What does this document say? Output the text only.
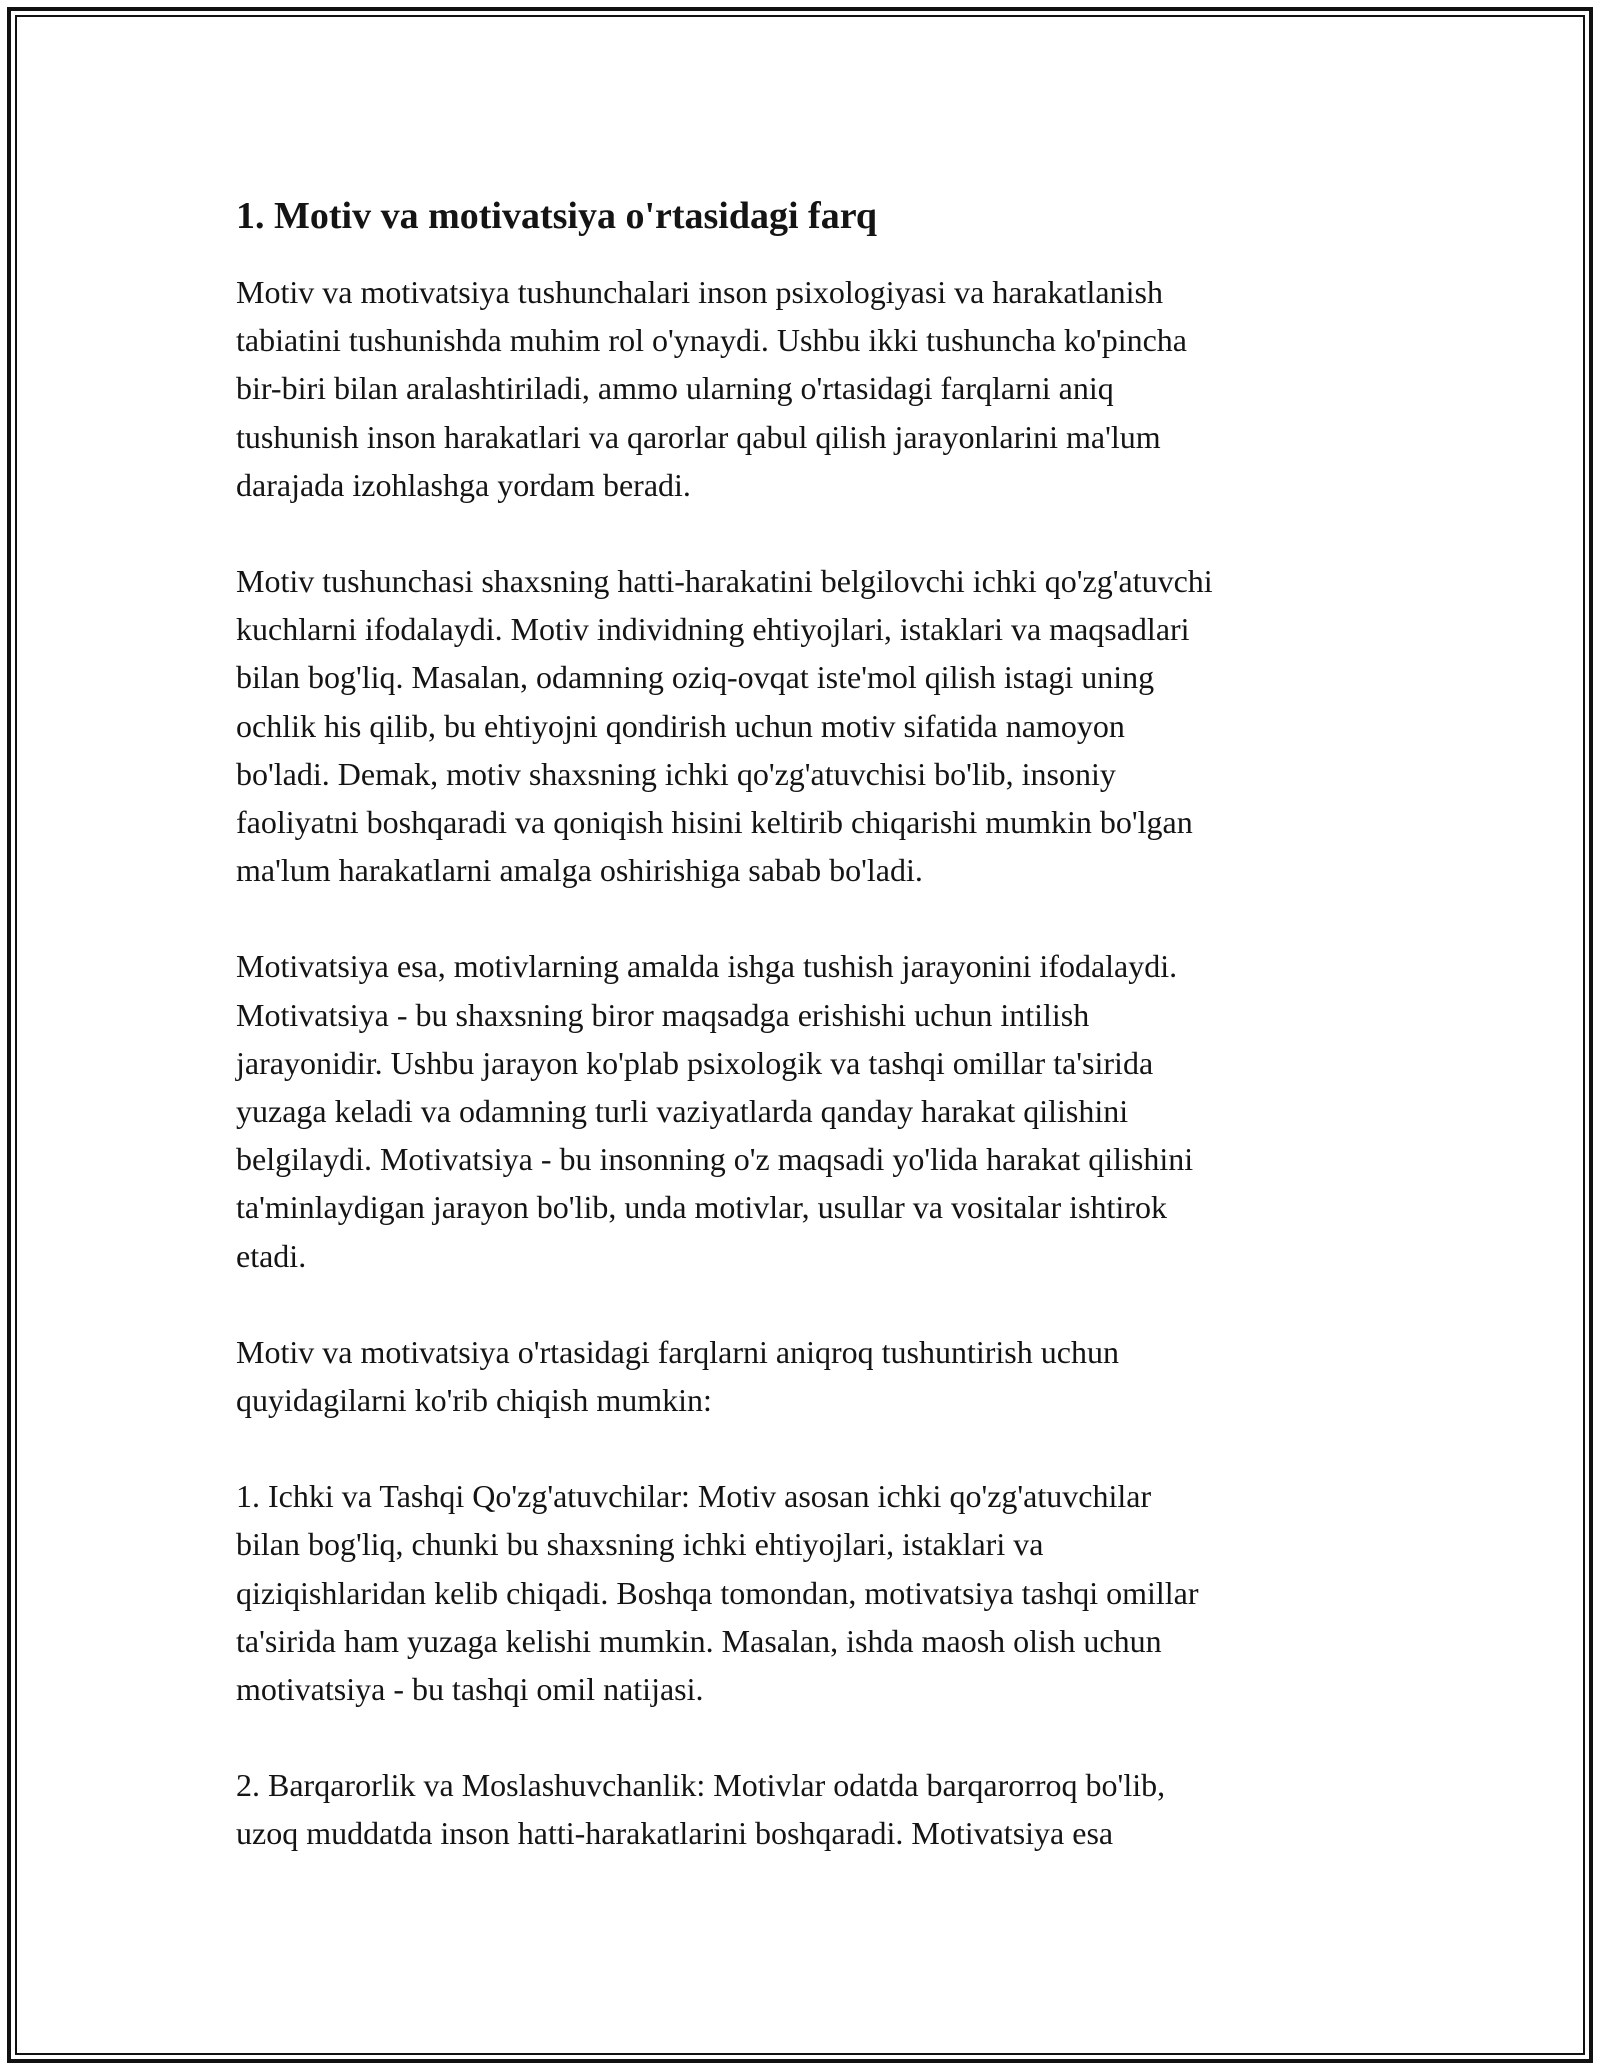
1. Motiv va motivatsiya o'rtasidagi farq

Motiv va motivatsiya tushunchalari inson psixologiyasi va harakatlanish
tabiatini tushunishda muhim rol o'ynaydi. Ushbu ikki tushuncha ko'pincha
bir-biri bilan aralashtiriladi, ammo ularning o'rtasidagi farqlarni aniq
tushunish inson harakatlari va qarorlar qabul qilish jarayonlarini ma'lum
darajada izohlashga yordam beradi.

Motiv tushunchasi shaxsning hatti-harakatini belgilovchi ichki qo'zg'atuvchi
kuchlarni ifodalaydi. Motiv individning ehtiyojlari, istaklari va maqsadlari
bilan bog'liq. Masalan, odamning oziq-ovqat iste'mol qilish istagi uning
ochlik his qilib, bu ehtiyojni qondirish uchun motiv sifatida namoyon
bo'ladi. Demak, motiv shaxsning ichki qo'zg'atuvchisi bo'lib, insoniy
faoliyatni boshqaradi va qoniqish hisini keltirib chiqarishi mumkin bo'lgan
ma'lum harakatlarni amalga oshirishiga sabab bo'ladi.

Motivatsiya esa, motivlarning amalda ishga tushish jarayonini ifodalaydi.
Motivatsiya - bu shaxsning biror maqsadga erishishi uchun intilish
jarayonidir. Ushbu jarayon ko'plab psixologik va tashqi omillar ta'sirida
yuzaga keladi va odamning turli vaziyatlarda qanday harakat qilishini
belgilaydi. Motivatsiya - bu insonning o'z maqsadi yo'lida harakat qilishini
ta'minlaydigan jarayon bo'lib, unda motivlar, usullar va vositalar ishtirok
etadi.

Motiv va motivatsiya o'rtasidagi farqlarni aniqroq tushuntirish uchun
quyidagilarni ko'rib chiqish mumkin:

1. Ichki va Tashqi Qo'zg'atuvchilar: Motiv asosan ichki qo'zg'atuvchilar
bilan bog'liq, chunki bu shaxsning ichki ehtiyojlari, istaklari va
qiziqishlaridan kelib chiqadi. Boshqa tomondan, motivatsiya tashqi omillar
ta'sirida ham yuzaga kelishi mumkin. Masalan, ishda maosh olish uchun
motivatsiya - bu tashqi omil natijasi.

2. Barqarorlik va Moslashuvchanlik: Motivlar odatda barqarorroq bo'lib,
uzoq muddatda inson hatti-harakatlarini boshqaradi. Motivatsiya esa
